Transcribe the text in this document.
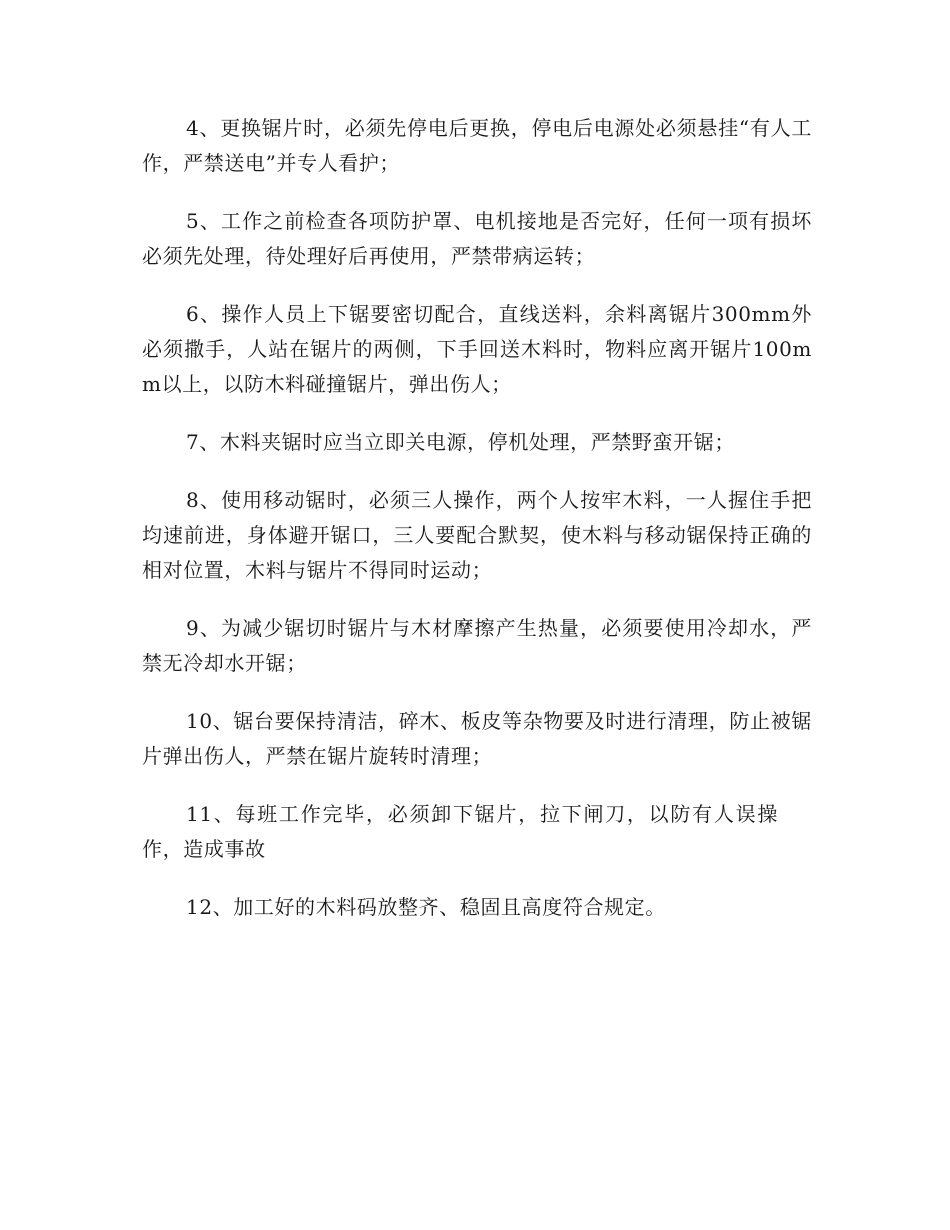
4、更换锯片时，必须先停电后更换，停电后电源处必须悬挂“有人工作，严禁送电”并专人看护；

5、工作之前检查各项防护罩、电机接地是否完好，任何一项有损坏必须先处理，待处理好后再使用，严禁带病运转；

6、操作人员上下锯要密切配合，直线送料，余料离锯片300mm外必须撒手，人站在锯片的两侧，下手回送木料时，物料应离开锯片100mm以上，以防木料碰撞锯片，弹出伤人；

7、木料夹锯时应当立即关电源，停机处理，严禁野蛮开锯；

8、使用移动锯时，必须三人操作，两个人按牢木料，一人握住手把均速前进，身体避开锯口，三人要配合默契，使木料与移动锯保持正确的相对位置，木料与锯片不得同时运动；

9、为减少锯切时锯片与木材摩擦产生热量，必须要使用冷却水，严禁无冷却水开锯；

10、锯台要保持清洁，碎木、板皮等杂物要及时进行清理，防止被锯片弹出伤人，严禁在锯片旋转时清理；

11、每班工作完毕，必须卸下锯片，拉下闸刀，以防有人误操作，造成事故

12、加工好的木料码放整齐、稳固且高度符合规定。
